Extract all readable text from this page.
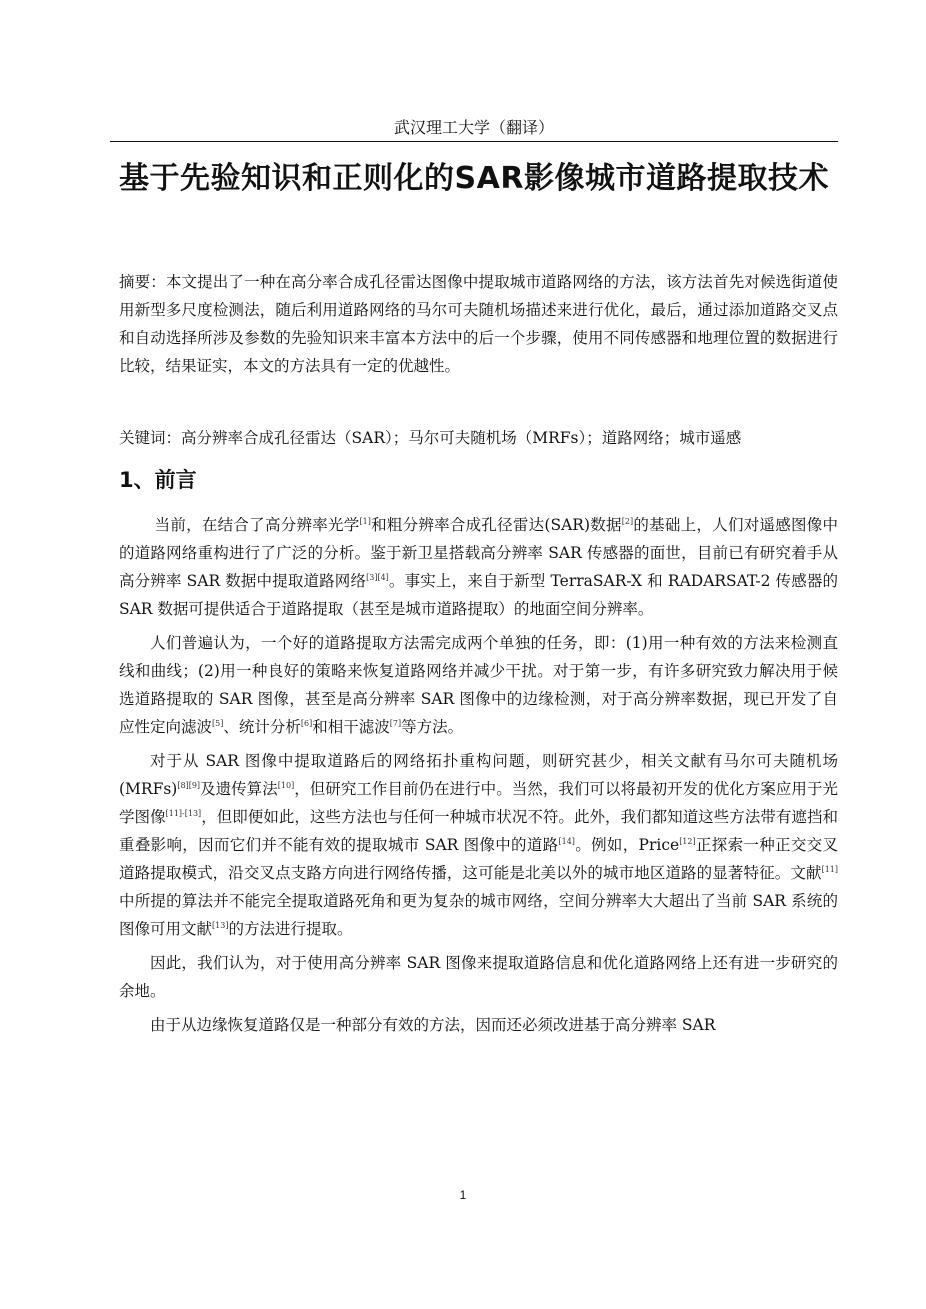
武汉理工大学（翻译）
基于先验知识和正则化的SAR影像城市道路提取技术

摘要：本文提出了一种在高分率合成孔径雷达图像中提取城市道路网络的方法，该方法首先对候选街道使用新型多尺度检测法，随后利用道路网络的马尔可夫随机场描述来进行优化，最后，通过添加道路交叉点和自动选择所涉及参数的先验知识来丰富本方法中的后一个步骤，使用不同传感器和地理位置的数据进行比较，结果证实，本文的方法具有一定的优越性。

关键词：高分辨率合成孔径雷达（SAR）；马尔可夫随机场（MRFs）；道路网络；城市遥感

1、前言

当前，在结合了高分辨率光学[1]和粗分辨率合成孔径雷达(SAR)数据[2]的基础上，人们对遥感图像中的道路网络重构进行了广泛的分析。鉴于新卫星搭载高分辨率 SAR 传感器的面世，目前已有研究着手从高分辨率 SAR 数据中提取道路网络[3][4]。事实上，来自于新型 TerraSAR-X 和 RADARSAT-2 传感器的 SAR 数据可提供适合于道路提取（甚至是城市道路提取）的地面空间分辨率。

人们普遍认为，一个好的道路提取方法需完成两个单独的任务，即：(1)用一种有效的方法来检测直线和曲线；(2)用一种良好的策略来恢复道路网络并减少干扰。对于第一步，有许多研究致力解决用于候选道路提取的 SAR 图像，甚至是高分辨率 SAR 图像中的边缘检测，对于高分辨率数据，现已开发了自应性定向滤波[5]、统计分析[6]和相干滤波[7]等方法。

对于从 SAR 图像中提取道路后的网络拓扑重构问题，则研究甚少，相关文献有马尔可夫随机场(MRFs)[8][9]及遗传算法[10]，但研究工作目前仍在进行中。当然，我们可以将最初开发的优化方案应用于光学图像[11]-[13]，但即便如此，这些方法也与任何一种城市状况不符。此外，我们都知道这些方法带有遮挡和重叠影响，因而它们并不能有效的提取城市 SAR 图像中的道路[14]。例如，Price[12]正探索一种正交交叉道路提取模式，沿交叉点支路方向进行网络传播，这可能是北美以外的城市地区道路的显著特征。文献[11]中所提的算法并不能完全提取道路死角和更为复杂的城市网络，空间分辨率大大超出了当前 SAR 系统的图像可用文献[13]的方法进行提取。

因此，我们认为，对于使用高分辨率 SAR 图像来提取道路信息和优化道路网络上还有进一步研究的余地。

由于从边缘恢复道路仅是一种部分有效的方法，因而还必须改进基于高分辨率 SAR

1
